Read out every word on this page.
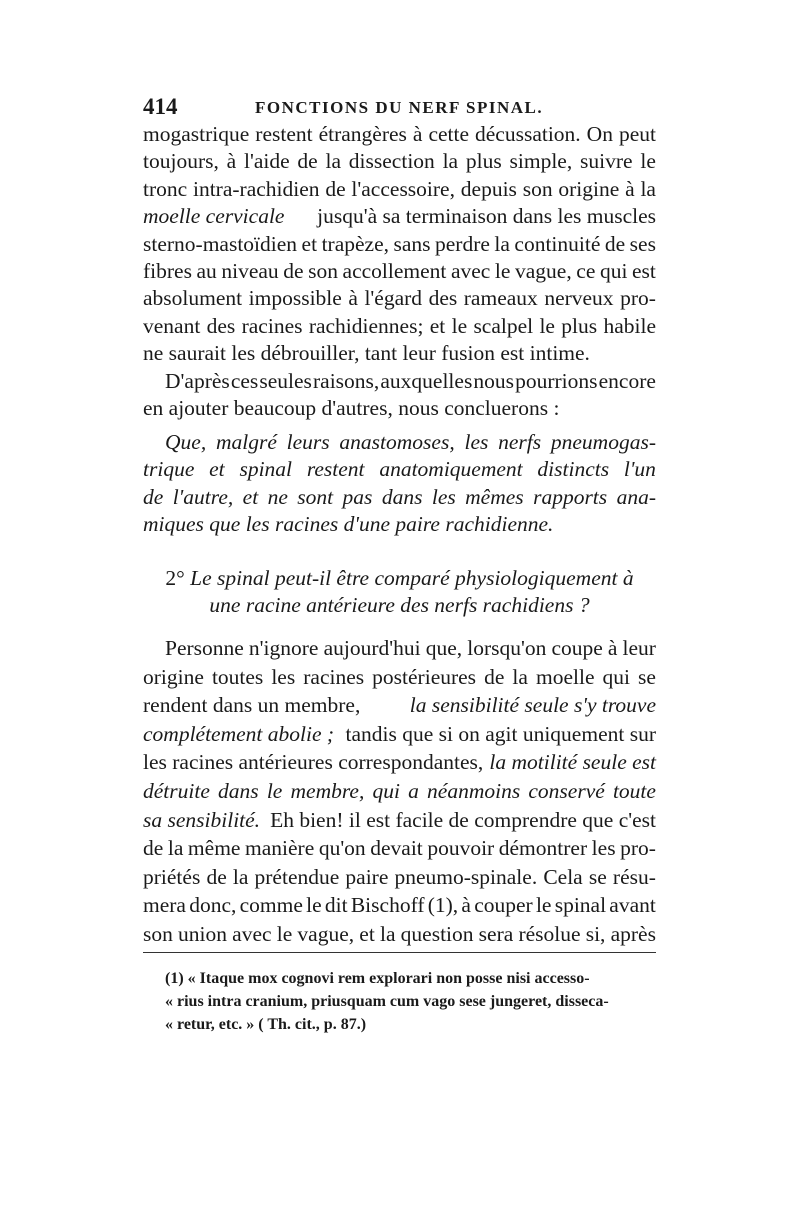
414	FONCTIONS DU NERF SPINAL.
mogastrique restent étrangères à cette décussation. On peut
toujours, à l'aide de la dissection la plus simple, suivre le
tronc intra-rachidien de l'accessoire, depuis son origine à la
moelle cervicale jusqu'à sa terminaison dans les muscles
sterno-mastoïdien et trapèze, sans perdre la continuité de ses
fibres au niveau de son accollement avec le vague, ce qui est
absolument impossible à l'égard des rameaux nerveux pro-
venant des racines rachidiennes; et le scalpel le plus habile
ne saurait les débrouiller, tant leur fusion est intime.
D'après ces seules raisons, auxquelles nous pourrions encore
en ajouter beaucoup d'autres, nous concluerons :
Que, malgré leurs anastomoses, les nerfs pneumogas-
trique et spinal restent anatomiquement distincts l'un
de l'autre, et ne sont pas dans les mêmes rapports ana-
miques que les racines d'une paire rachidienne.
2° Le spinal peut-il être comparé physiologiquement à
une racine antérieure des nerfs rachidiens ?
Personne n'ignore aujourd'hui que, lorsqu'on coupe à leur
origine toutes les racines postérieures de la moelle qui se
rendent dans un membre, la sensibilité seule s'y trouve
complétement abolie ; tandis que si on agit uniquement sur
les racines antérieures correspondantes, la motilité seule est
détruite dans le membre, qui a néanmoins conservé toute
sa sensibilité. Eh bien! il est facile de comprendre que c'est
de la même manière qu'on devait pouvoir démontrer les pro-
priétés de la prétendue paire pneumo-spinale. Cela se résu-
mera donc, comme le dit Bischoff (1), à couper le spinal avant
son union avec le vague, et la question sera résolue si, après
(1) « Itaque mox cognovi rem explorari non posse nisi accesso-
« rius intra cranium, priusquam cum vago sese jungeret, disseca-
« retur, etc. » ( Th. cit., p. 87.)
